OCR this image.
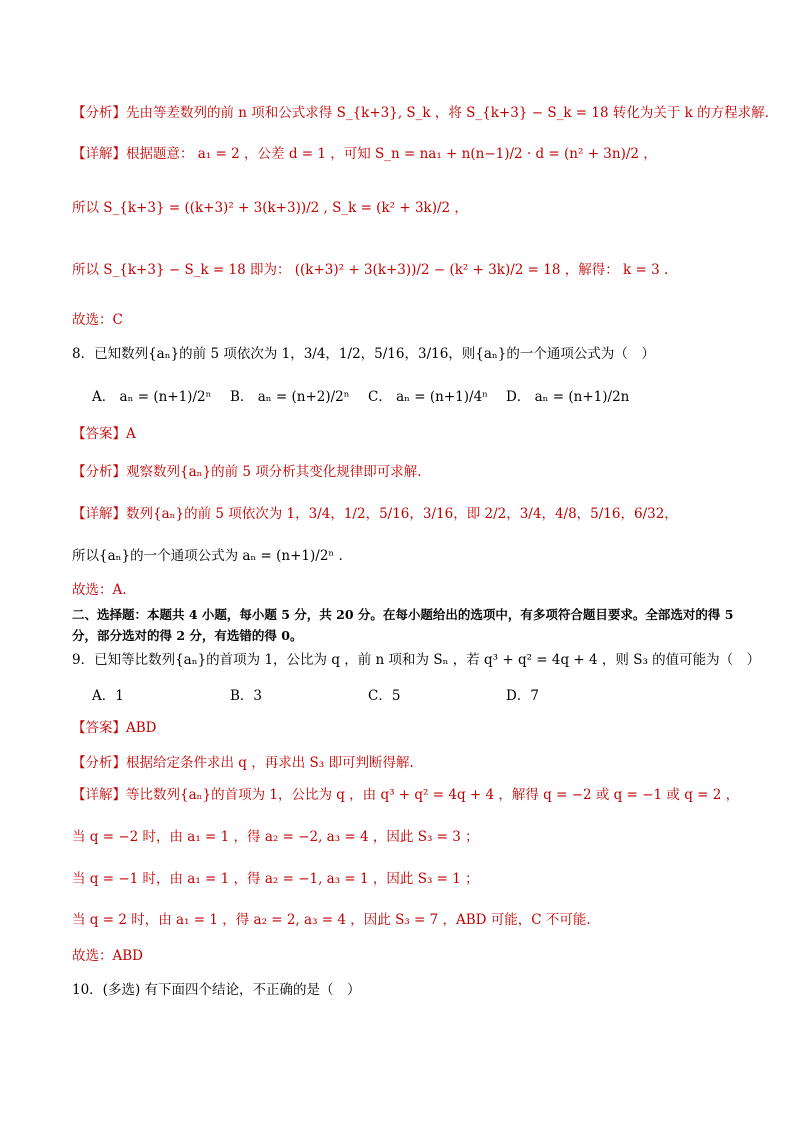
【分析】 先由等差数列的前 n 项和公式求得 S_{k+3}, S_k ，将 S_{k+3} − S_k = 18 转化为关于 k 的方程求解.
【详解】 根据题意： a₁ = 2 ，公差 d = 1 ，可知 S_n = na₁ + n(n−1)/2 · d = (n² + 3n)/2 ，
所以 S_{k+3} = ((k+3)² + 3(k+3))/2 , S_k = (k² + 3k)/2 ，
所以 S_{k+3} − S_k = 18 即为： ((k+3)² + 3(k+3))/2 − (k² + 3k)/2 = 18 ，解得： k = 3 .
故选：C
8．已知数列{aₙ}的前 5 项依次为 1，3/4，1/2，5/16，3/16，则{aₙ}的一个通项公式为（　）
A． aₙ = (n+1)/2ⁿ	B． aₙ = (n+2)/2ⁿ	C． aₙ = (n+1)/4ⁿ	D． aₙ = (n+1)/2n
【答案】 A
【分析】 观察数列{aₙ}的前 5 项分析其变化规律即可求解.
【详解】 数列{aₙ}的前 5 项依次为 1，3/4，1/2，5/16，3/16，即 2/2，3/4，4/8，5/16，6/32，
所以{aₙ}的一个通项公式为 aₙ = (n+1)/2ⁿ .
故选：A.
二、选择题：本题共 4 小题，每小题 5 分，共 20 分。在每小题给出的选项中，有多项符合题目要求。全部选对的得 5 分，部分选对的得 2 分，有选错的得 0。
9．已知等比数列{aₙ}的首项为 1，公比为 q ，前 n 项和为 Sₙ ，若 q³ + q² = 4q + 4 ，则 S₃ 的值可能为（　）
A．1	B．3	C．5	D．7
【答案】 ABD
【分析】 根据给定条件求出 q ，再求出 S₃ 即可判断得解.
【详解】 等比数列{aₙ}的首项为 1，公比为 q ，由 q³ + q² = 4q + 4 ，解得 q = −2 或 q = −1 或 q = 2 ，
当 q = −2 时，由 a₁ = 1 ，得 a₂ = −2, a₃ = 4 ，因此 S₃ = 3 ；
当 q = −1 时，由 a₁ = 1 ，得 a₂ = −1, a₃ = 1 ，因此 S₃ = 1 ；
当 q = 2 时，由 a₁ = 1 ，得 a₂ = 2, a₃ = 4 ，因此 S₃ = 7 ，ABD 可能，C 不可能.
故选：ABD
10．(多选) 有下面四个结论，不正确的是（　）
